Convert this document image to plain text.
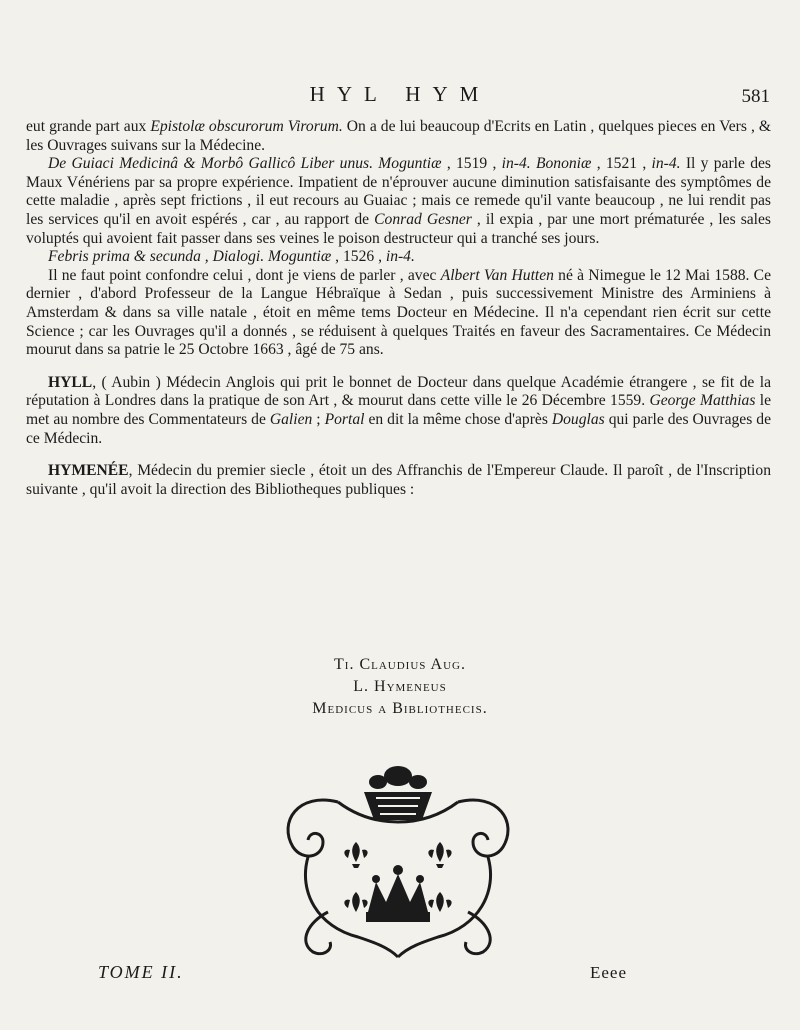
HYL HYM	581

eut grande part aux Epistolæ obscurorum Virorum. On a de lui beaucoup d'Ecrits en Latin , quelques pieces en Vers , & les Ouvrages suivans sur la Médecine.

De Guiaci Medicinâ & Morbô Gallicô Liber unus. Moguntiæ , 1519 , in-4. Bononiæ , 1521 , in-4. Il y parle des Maux Vénériens par sa propre expérience. Impatient de n'éprouver aucune diminution satisfaisante des symptômes de cette maladie , après sept frictions , il eut recours au Guaiac ; mais ce remede qu'il vante beaucoup , ne lui rendit pas les services qu'il en avoit espérés , car , au rapport de Conrad Gesner , il expia , par une mort prématurée , les sales voluptés qui avoient fait passer dans ses veines le poison destructeur qui a tranché ses jours.

Febris prima & secunda , Dialogi. Moguntiæ , 1526 , in-4.

Il ne faut point confondre celui , dont je viens de parler , avec Albert Van Hutten né à Nimegue le 12 Mai 1588. Ce dernier , d'abord Professeur de la Langue Hébraïque à Sedan , puis successivement Ministre des Arminiens à Amsterdam & dans sa ville natale , étoit en même tems Docteur en Médecine. Il n'a cependant rien écrit sur cette Science ; car les Ouvrages qu'il a donnés , se réduisent à quelques Traités en faveur des Sacramentaires. Ce Médecin mourut dans sa patrie le 25 Octobre 1663 , âgé de 75 ans.

HYLL, ( Aubin ) Médecin Anglois qui prit le bonnet de Docteur dans quelque Académie étrangere , se fit de la réputation à Londres dans la pratique de son Art , & mourut dans cette ville le 26 Décembre 1559. George Matthias le met au nombre des Commentateurs de Galien ; Portal en dit la même chose d'après Douglas qui parle des Ouvrages de ce Médecin.

HYMENÉE, Médecin du premier siecle , étoit un des Affranchis de l'Empereur Claude. Il paroît , de l'Inscription suivante , qu'il avoit la direction des Bibliotheques publiques :

Ti. Claudius Aug.
L. Hymeneus
Medicus a Bibliothecis.
TOME II.	Eeee
